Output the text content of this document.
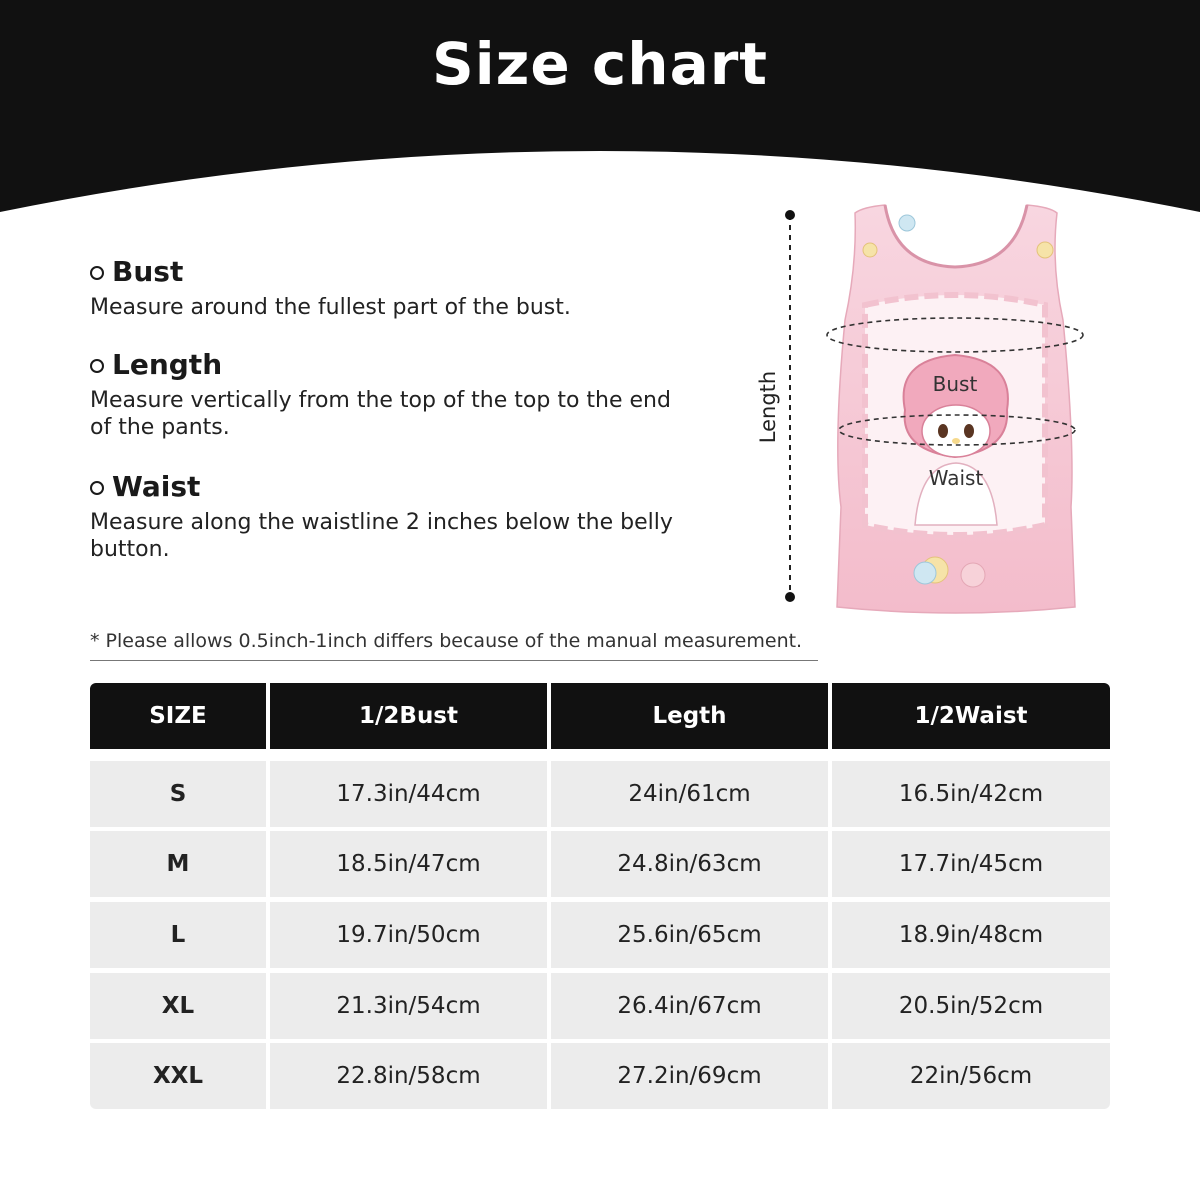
Size chart
Bust
Measure around the fullest part of the bust.
Length
Measure vertically from the top of the top to the end of the pants.
Waist
Measure along the waistline 2 inches below the belly button.
Length	Bust
Waist
* Please allows 0.5inch-1inch differs because of the manual measurement.
SIZE	1/2Bust	Legth	1/2Waist
S	17.3in/44cm	24in/61cm	16.5in/42cm
M	18.5in/47cm	24.8in/63cm	17.7in/45cm
L	19.7in/50cm	25.6in/65cm	18.9in/48cm
XL	21.3in/54cm	26.4in/67cm	20.5in/52cm
XXL	22.8in/58cm	27.2in/69cm	22in/56cm
